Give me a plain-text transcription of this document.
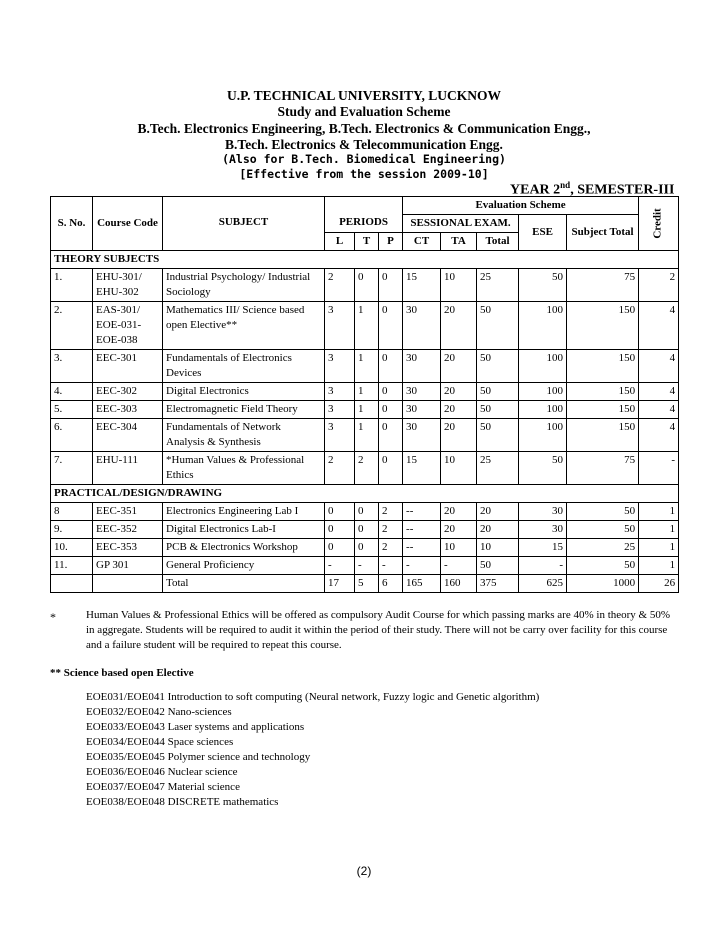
U.P. TECHNICAL UNIVERSITY, LUCKNOW
Study and Evaluation Scheme
B.Tech. Electronics Engineering, B.Tech. Electronics & Communication Engg.,
B.Tech. Electronics & Telecommunication Engg.
(Also for B.Tech. Biomedical Engineering)
[Effective from the session 2009-10]
YEAR 2nd, SEMESTER-III
S. No.	Course Code	SUBJECT	PERIODS			Evaluation Scheme					Credit
						SESSIONAL EXAM.			ESE	Subject Total	
			L	T	P	CT	TA	Total			
THEORY SUBJECTS											
1.	EHU-301/ EHU-302	Industrial Psychology/ Industrial Sociology	2	0	0	15	10	25	50	75	2
2.	EAS-301/ EOE-031- EOE-038	Mathematics III/ Science based open Elective**	3	1	0	30	20	50	100	150	4
3.	EEC-301	Fundamentals of Electronics Devices	3	1	0	30	20	50	100	150	4
4.	EEC-302	Digital Electronics	3	1	0	30	20	50	100	150	4
5.	EEC-303	Electromagnetic Field Theory	3	1	0	30	20	50	100	150	4
6.	EEC-304	Fundamentals of Network Analysis & Synthesis	3	1	0	30	20	50	100	150	4
7.	EHU-111	*Human Values & Professional Ethics	2	2	0	15	10	25	50	75	-
PRACTICAL/DESIGN/DRAWING											
8	EEC-351	Electronics Engineering Lab I	0	0	2	--	20	20	30	50	1
9.	EEC-352	Digital Electronics Lab-I	0	0	2	--	20	20	30	50	1
10.	EEC-353	PCB & Electronics Workshop	0	0	2	--	10	10	15	25	1
11.	GP 301	General Proficiency	-	-	-	-	-	50	-	50	1
		Total	17	5	6	165	160	375	625	1000	26
*	Human Values & Professional Ethics will be offered as compulsory Audit Course for which passing marks are 40% in theory & 50% in aggregate. Students will be required to audit it within the period of their study. There will not be carry over facility for this course and a failure student will be required to repeat this course.
** Science based open Elective
EOE031/EOE041 Introduction to soft computing (Neural network, Fuzzy logic and Genetic algorithm)
EOE032/EOE042 Nano-sciences
EOE033/EOE043 Laser systems and applications
EOE034/EOE044 Space sciences
EOE035/EOE045 Polymer science and technology
EOE036/EOE046 Nuclear science
EOE037/EOE047 Material science
EOE038/EOE048 DISCRETE mathematics
(2)
